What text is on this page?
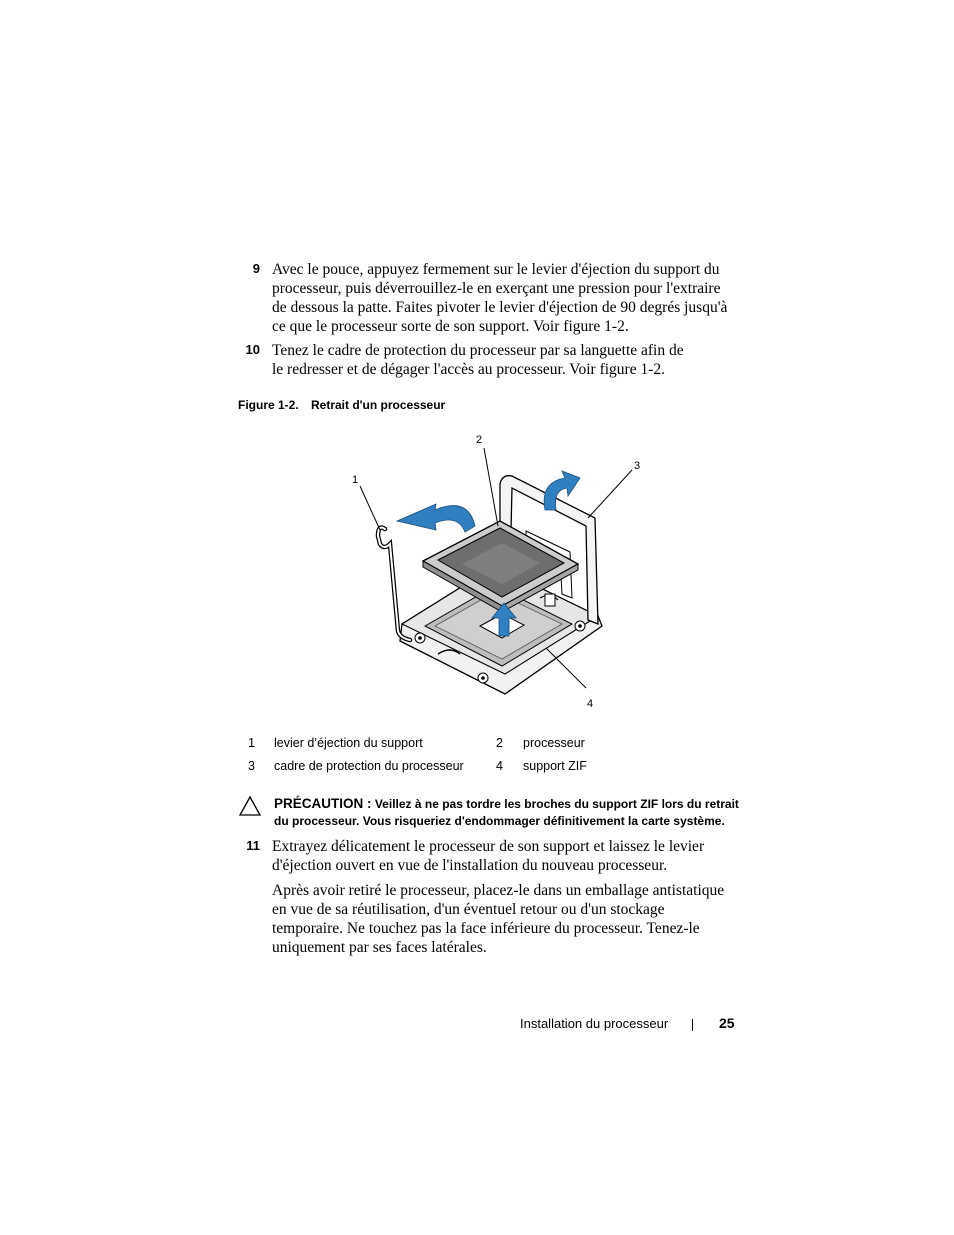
9 Avec le pouce, appuyez fermement sur le levier d'éjection du support du
processeur, puis déverrouillez-le en exerçant une pression pour l'extraire
de dessous la patte. Faites pivoter le levier d'éjection de 90 degrés jusqu'à
ce que le processeur sorte de son support. Voir figure 1-2.
10 Tenez le cadre de protection du processeur par sa languette afin de
le redresser et de dégager l'accès au processeur. Voir figure 1-2.
Figure 1-2. Retrait d'un processeur
1
2
3
4
1 levier d’éjection du support	2 processeur
3 cadre de protection du processeur	4 support ZIF
PRÉCAUTION : Veillez à ne pas tordre les broches du support ZIF lors du retrait
du processeur. Vous risqueriez d'endommager définitivement la carte système.
11 Extrayez délicatement le processeur de son support et laissez le levier
d'éjection ouvert en vue de l'installation du nouveau processeur.
Après avoir retiré le processeur, placez-le dans un emballage antistatique
en vue de sa réutilisation, d'un éventuel retour ou d'un stockage
temporaire. Ne touchez pas la face inférieure du processeur. Tenez-le
uniquement par ses faces latérales.
Installation du processeur	25
